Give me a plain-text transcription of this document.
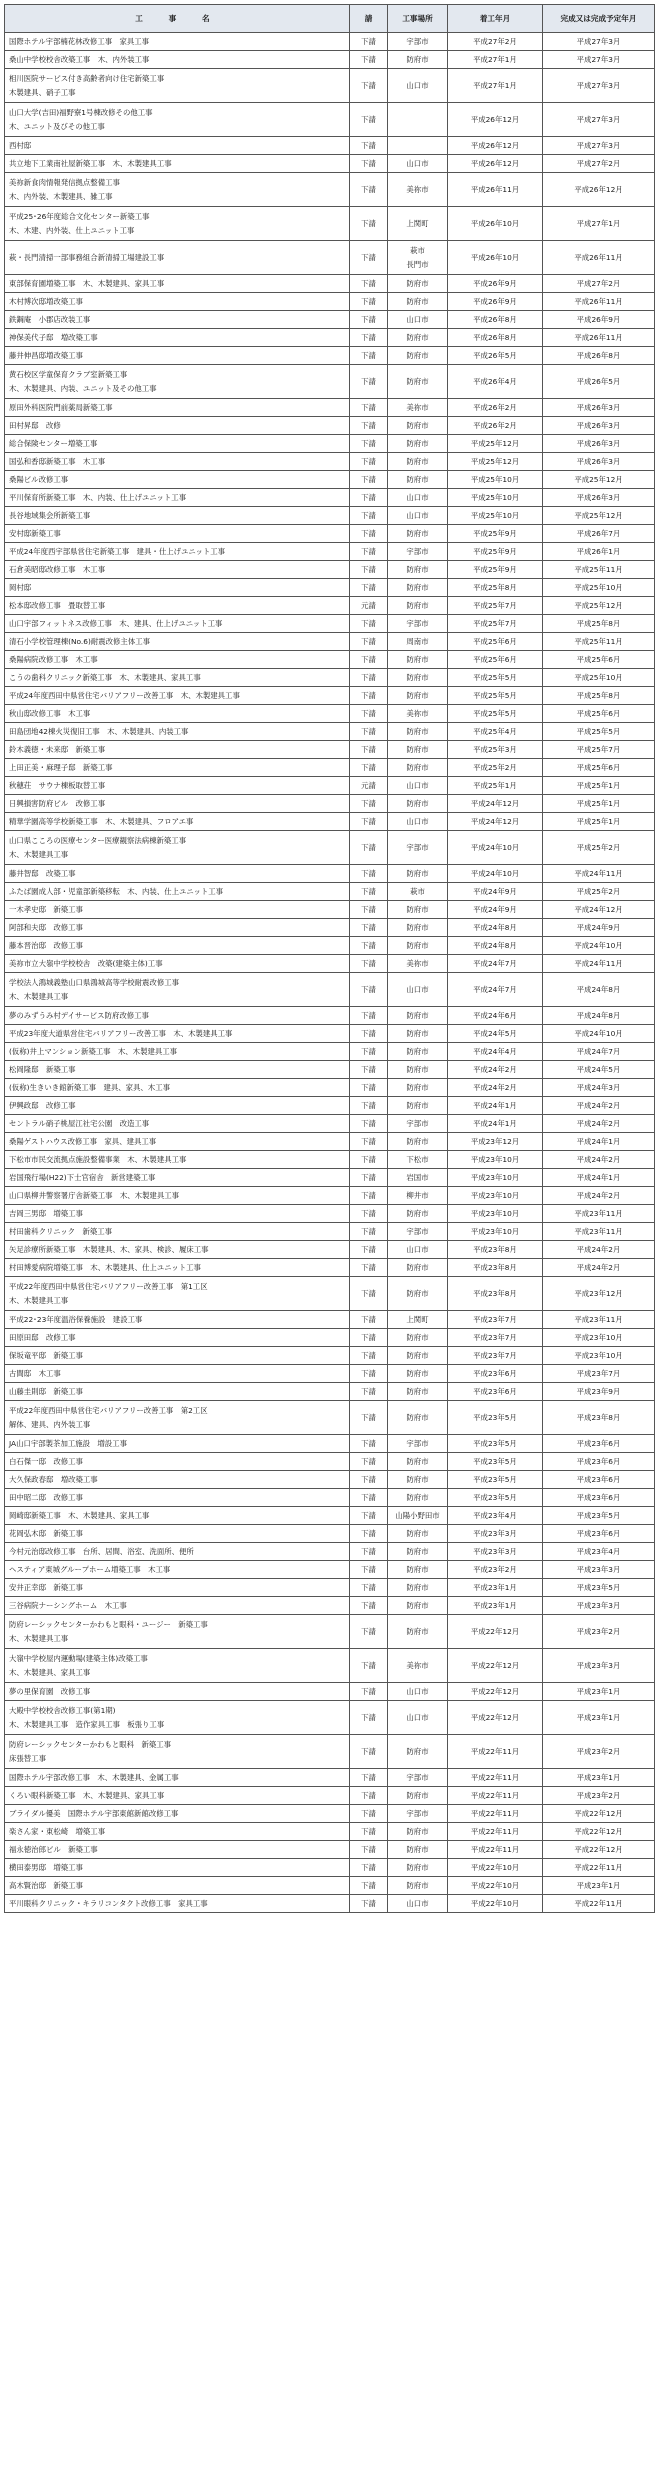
工　事　名	請	工事場所	着工年月	完成又は完成予定年月

国際ホテル宇部楠花林改修工事　家具工事	下請	宇部市	平成27年2月	平成27年3月

桑山中学校校舎改築工事　木、内外装工事	下請	防府市	平成27年1月	平成27年3月

相川医院サービス付き高齢者向け住宅新築工事
木製建具、硝子工事	下請	山口市	平成27年1月	平成27年3月

山口大学(吉田)福野寮1号棟改修その他工事
木、ユニット及びその他工事	下請		平成26年12月	平成27年3月

西村邸	下請		平成26年12月	平成27年3月

共立地下工業南社屋新築工事　木、木製建具工事	下請	山口市	平成26年12月	平成27年2月

美祢新食肉情報発信拠点整備工事
木、内外装、木製建具、雑工事	下請	美祢市	平成26年11月	平成26年12月

平成25･26年度総合文化センター新築工事
木、木建、内外装、仕上ユニット工事	下請	上関町	平成26年10月	平成27年1月

萩・長門清掃一部事務組合新清掃工場建設工事	下請	萩市
長門市	平成26年10月	平成26年11月

東部保育園増築工事　木、木製建具、家具工事	下請	防府市	平成26年9月	平成27年2月

木村博次邸増改築工事	下請	防府市	平成26年9月	平成26年11月

鉄鋼庵　小郡店改装工事	下請	山口市	平成26年8月	平成26年9月

神保美代子邸　増改築工事	下請	防府市	平成26年8月	平成26年11月

藤井伸昌邸増改築工事	下請	防府市	平成26年5月	平成26年8月

黄石校区学童保育クラブ室新築工事
木、木製建具、内装、ユニット及その他工事	下請	防府市	平成26年4月	平成26年5月

原田外科医院門前薬局新築工事	下請	美祢市	平成26年2月	平成26年3月

田村昇邸　改修	下請	防府市	平成26年2月	平成26年3月

総合保険センター増築工事	下請	防府市	平成25年12月	平成26年3月

国弘和香邸新築工事　木工事	下請	防府市	平成25年12月	平成26年3月

桑陽ビル改修工事	下請	防府市	平成25年10月	平成25年12月

平川保育所新築工事　木、内装、仕上げユニット工事	下請	山口市	平成25年10月	平成26年3月

長谷地域集会所新築工事	下請	山口市	平成25年10月	平成25年12月

安村邸新築工事	下請	防府市	平成25年9月	平成26年7月

平成24年度西宇部県営住宅新築工事　建具・仕上げユニット工事	下請	宇部市	平成25年9月	平成26年1月

石倉美昭邸改修工事　木工事	下請	防府市	平成25年9月	平成25年11月

岡村邸	下請	防府市	平成25年8月	平成25年10月

松本邸改修工事　畳取替工事	元請	防府市	平成25年7月	平成25年12月

山口宇部フィットネス改修工事　木、建具、仕上げユニット工事	下請	宇部市	平成25年7月	平成25年8月

清石小学校管理棟(No.6)耐震改修主体工事	下請	周南市	平成25年6月	平成25年11月

桑陽病院改修工事　木工事	下請	防府市	平成25年6月	平成25年6月

こうの歯科クリニック新築工事　木、木製建具、家具工事	下請	防府市	平成25年5月	平成25年10月

平成24年度西田中県営住宅バリアフリー改善工事　木、木製建具工事	下請	防府市	平成25年5月	平成25年8月

秋山邸改修工事　木工事	下請	美祢市	平成25年5月	平成25年6月

田島団地42棟火災復旧工事　木、木製建具、内装工事	下請	防府市	平成25年4月	平成25年5月

鈴木義徳・未来邸　新築工事	下請	防府市	平成25年3月	平成25年7月

上田正美・麻理子邸　新築工事	下請	防府市	平成25年2月	平成25年6月

秋穂荘　サウナ棟板取替工事	元請	山口市	平成25年1月	平成25年1月

日興損害防府ビル　改修工事	下請	防府市	平成24年12月	平成25年1月

精華学園高等学校新築工事　木、木製建具、フロアエ事	下請	山口市	平成24年12月	平成25年1月

山口県こころの医療センター医療観察法病棟新築工事
木、木製建具工事	下請	宇部市	平成24年10月	平成25年2月

藤井智邸　改築工事	下請	防府市	平成24年10月	平成24年11月

ふたば園成人部・児童部新築移転　木、内装、仕上ユニット工事	下請	萩市	平成24年9月	平成25年2月

一木孝史邸　新築工事	下請	防府市	平成24年9月	平成24年12月

阿部和夫邸　改修工事	下請	防府市	平成24年8月	平成24年9月

藤本晋治邸　改修工事	下請	防府市	平成24年8月	平成24年10月

美祢市立大嶺中学校校舎　改築(建築主体)工事	下請	美祢市	平成24年7月	平成24年11月

学校法人鴻城義塾山口県鴻城高等学校耐震改修工事
木、木製建具工事	下請	山口市	平成24年7月	平成24年8月

夢のみずうみ村デイサービス防府改修工事	下請	防府市	平成24年6月	平成24年8月

平成23年度大道県営住宅バリアフリー改善工事　木、木製建具工事	下請	防府市	平成24年5月	平成24年10月

(仮称)井上マンション新築工事　木、木製建具工事	下請	防府市	平成24年4月	平成24年7月

松岡隆邸　新築工事	下請	防府市	平成24年2月	平成24年5月

(仮称)生きいき館新築工事　建具、家具、木工事	下請	防府市	平成24年2月	平成24年3月

伊興政邸　改修工事	下請	防府市	平成24年1月	平成24年2月

セントラル硝子桃屋江社宅公園　改造工事	下請	宇部市	平成24年1月	平成24年2月

桑陽ゲストハウス改修工事　家具、建具工事	下請	防府市	平成23年12月	平成24年1月

下松市市民交流拠点施設整備事業　木、木製建具工事	下請	下松市	平成23年10月	平成24年2月

岩国飛行場(H22)下士官宿舎　新営建築工事	下請	岩国市	平成23年10月	平成24年1月

山口県柳井警察署庁舎新築工事　木、木製建具工事	下請	柳井市	平成23年10月	平成24年2月

吉岡三男邸　増築工事	下請	防府市	平成23年10月	平成23年11月

村田歯科クリニック　新築工事	下請	宇部市	平成23年10月	平成23年11月

矢足診療所新築工事　木製建具、木、家具、検診、履床工事	下請	山口市	平成23年8月	平成24年2月

村田博愛病院増築工事　木、木製建具、仕上ユニット工事	下請	防府市	平成23年8月	平成24年2月

平成22年度西田中県営住宅バリアフリー改善工事　第1工区
木、木製建具工事	下請	防府市	平成23年8月	平成23年12月

平成22･23年度温浴保養施設　建設工事	下請	上関町	平成23年7月	平成23年11月

田原田邸　改修工事	下請	防府市	平成23年7月	平成23年10月

保坂竜平邸　新築工事	下請	防府市	平成23年7月	平成23年10月

古間邸　木工事	下請	防府市	平成23年6月	平成23年7月

山藤圭則邸　新築工事	下請	防府市	平成23年6月	平成23年9月

平成22年度西田中県営住宅バリアフリー改善工事　第2工区
解体、建具、内外装工事	下請	防府市	平成23年5月	平成23年8月

JA山口宇部製茶加工施設　増設工事	下請	宇部市	平成23年5月	平成23年6月

白石傑一邸　改修工事	下請	防府市	平成23年5月	平成23年6月

大久保政春邸　増改築工事	下請	防府市	平成23年5月	平成23年6月

田中昭二邸　改修工事	下請	防府市	平成23年5月	平成23年6月

岡崎邸新築工事　木、木製建具、家具工事	下請	山陽小野田市	平成23年4月	平成23年5月

花岡弘木邸　新築工事	下請	防府市	平成23年3月	平成23年6月

今村元治邸改修工事　台所、居間、浴室、洗面所、便所	下請	防府市	平成23年3月	平成23年4月

ヘスティア東城グループホーム増築工事　木工事	下請	防府市	平成23年2月	平成23年3月

安井正幸邸　新築工事	下請	防府市	平成23年1月	平成23年5月

三谷病院ナーシングホーム　木工事	下請	防府市	平成23年1月	平成23年3月

防府レーシックセンターかわもと眼科・ユージー　新築工事
木、木製建具工事	下請	防府市	平成22年12月	平成23年2月

大嶺中学校屋内運動場(建築主体)改築工事
木、木製建具、家具工事	下請	美祢市	平成22年12月	平成23年3月

夢の里保育園　改修工事	下請	山口市	平成22年12月	平成23年1月

大殿中学校校舎改修工事(第1期)
木、木製建具工事　造作家具工事　板張り工事	下請	山口市	平成22年12月	平成23年1月

防府レーシックセンターかわもと眼科　新築工事
床張替工事	下請	防府市	平成22年11月	平成23年2月

国際ホテル宇部改修工事　木、木製建具、金属工事	下請	宇部市	平成22年11月	平成23年1月

くろい眼科新築工事　木、木製建具、家具工事	下請	防府市	平成22年11月	平成23年2月

ブライダル優美　国際ホテル宇部東館新館改修工事	下請	宇部市	平成22年11月	平成22年12月

楽さん家・東松崎　増築工事	下請	防府市	平成22年11月	平成22年12月

福永徳治郎ビル　新築工事	下請	防府市	平成22年11月	平成22年12月

横田泰男邸　増築工事	下請	防府市	平成22年10月	平成22年11月

高木賢治邸　新築工事	下請	防府市	平成22年10月	平成23年1月

平川眼科クリニック・キラリコンタクト改修工事　家具工事	下請	山口市	平成22年10月	平成22年11月
